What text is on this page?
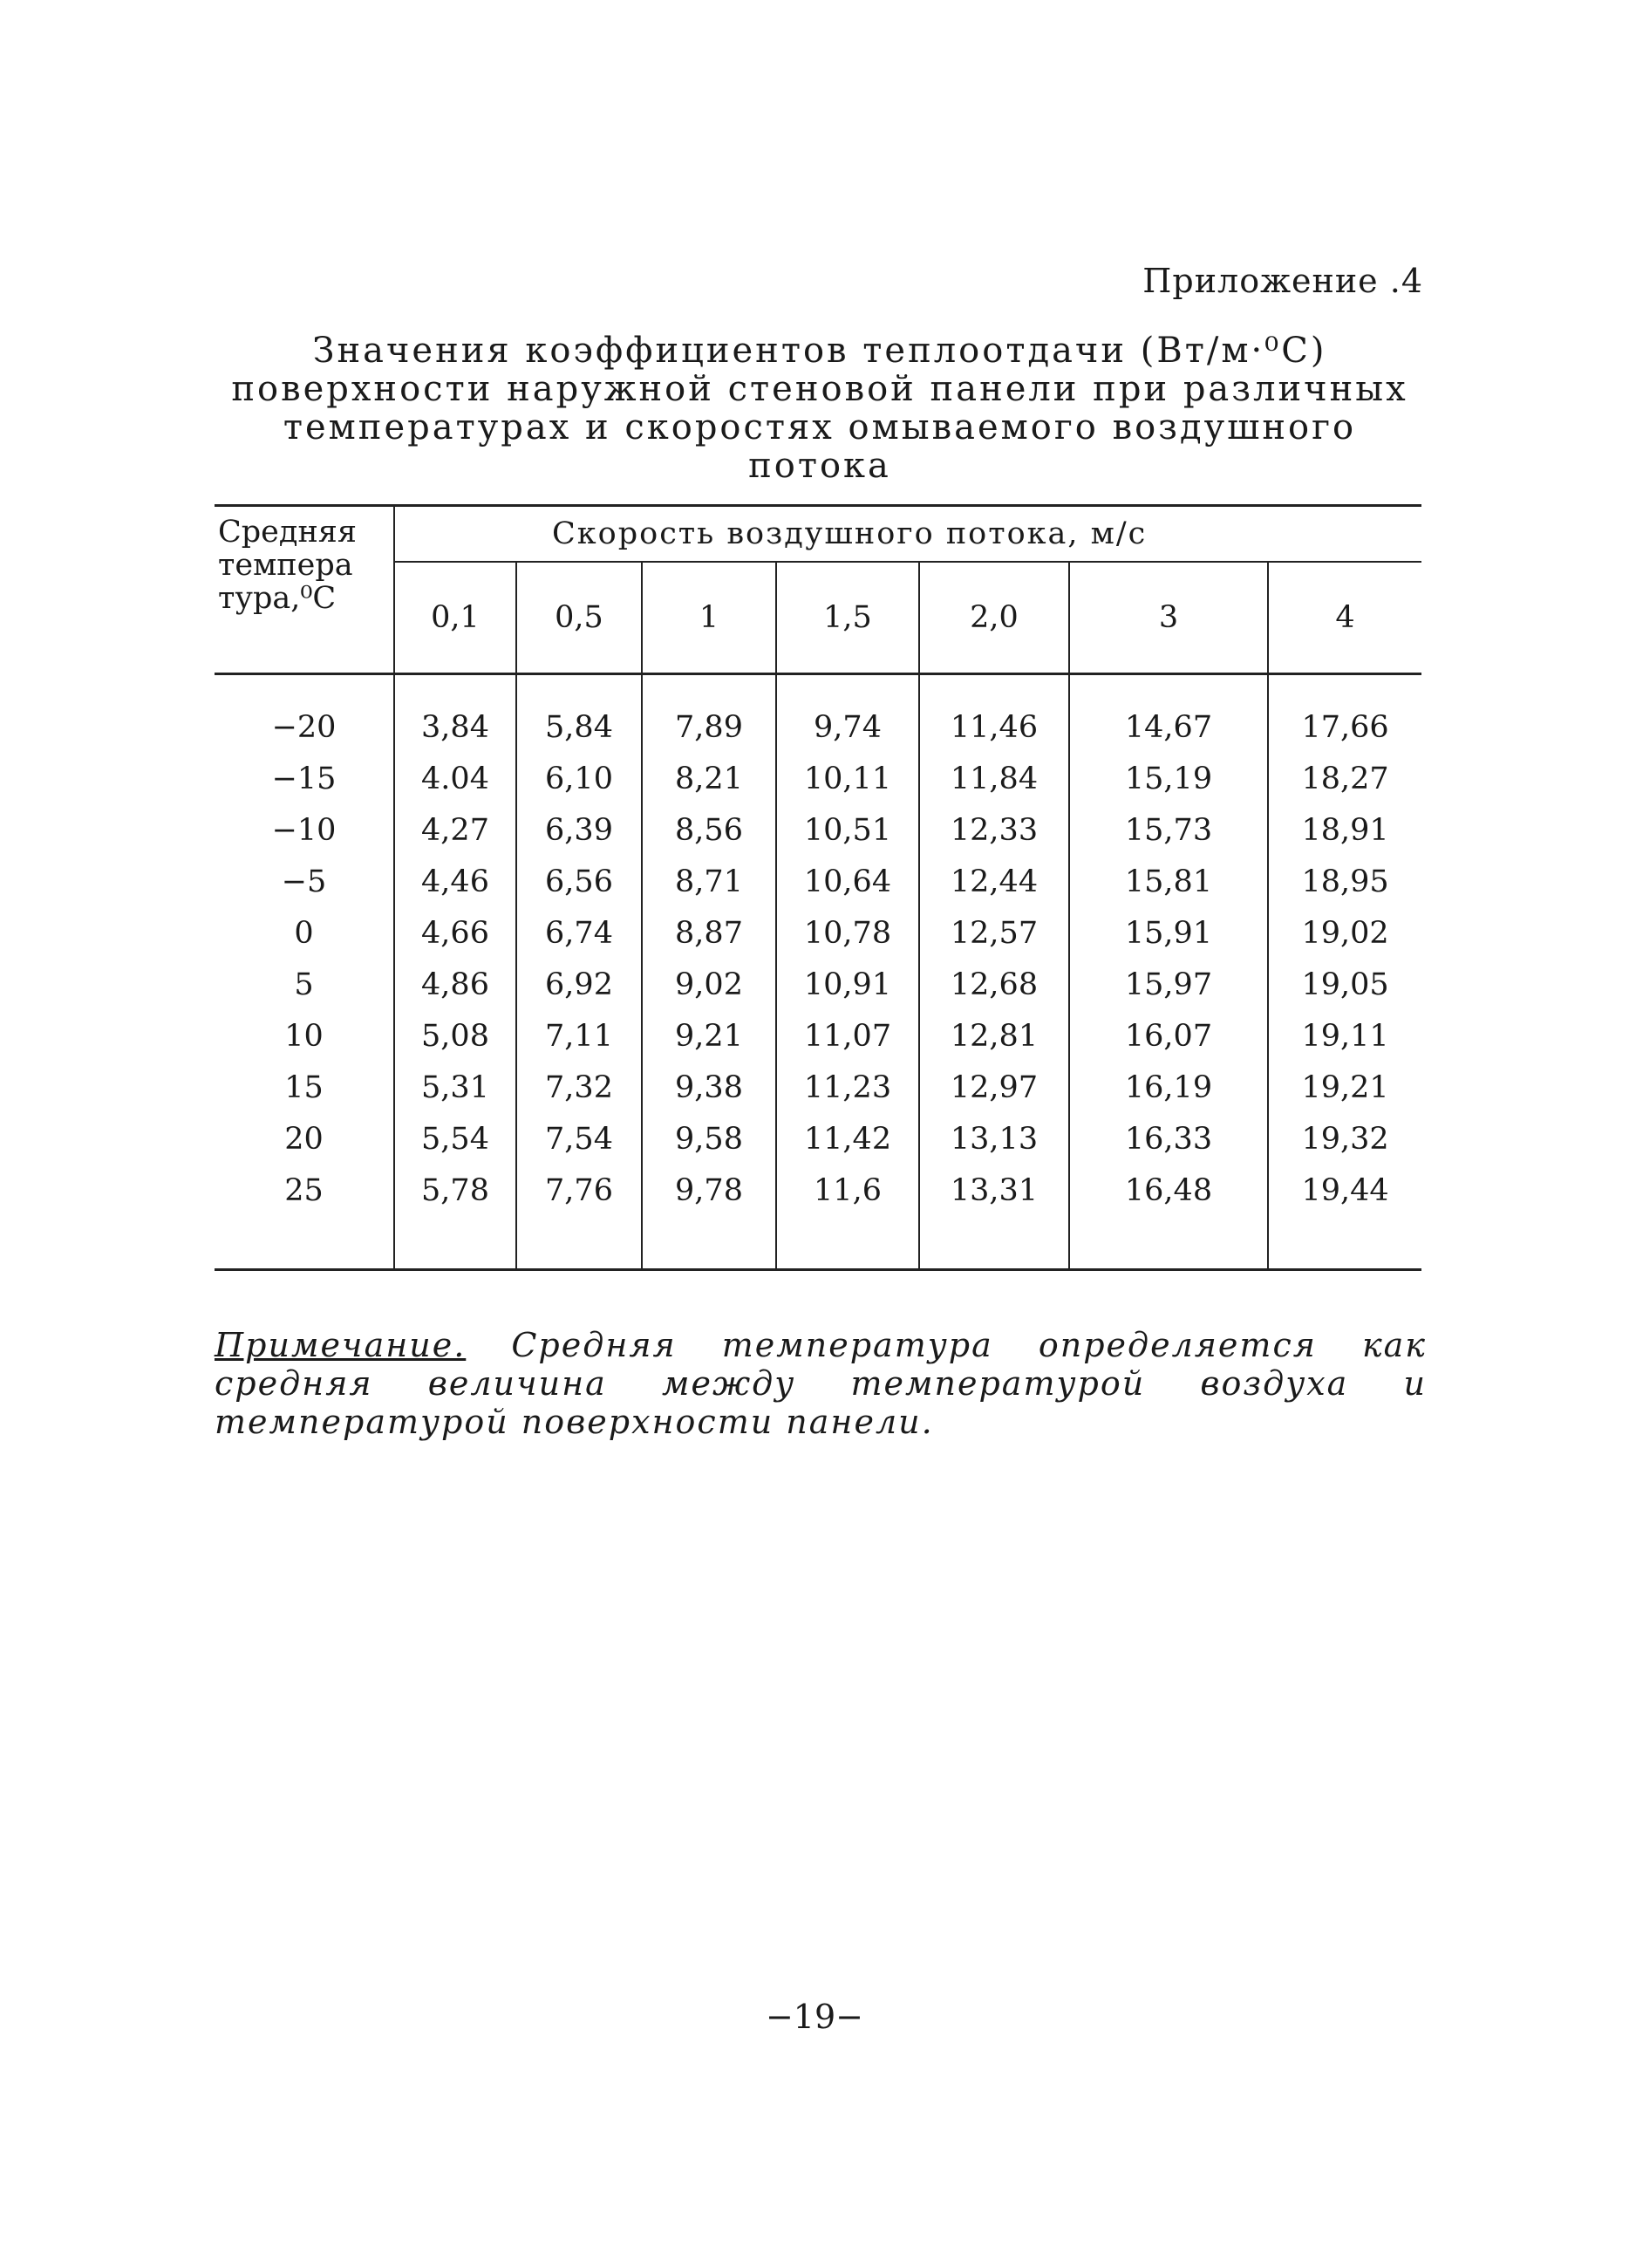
Приложение .4
Значения коэффициентов теплоотдачи (Вт/м·⁰С)
поверхности наружной стеновой панели при различных
температурах и скоростях омываемого воздушного
потока
Средняя
темпера
тура,⁰С	Скорость воздушного потока, м/с						
	0,1	0,5	1	1,5	2,0	3	4
−20	3,84	5,84	7,89	9,74	11,46	14,67	17,66
−15	4.04	6,10	8,21	10,11	11,84	15,19	18,27
−10	4,27	6,39	8,56	10,51	12,33	15,73	18,91
−5	4,46	6,56	8,71	10,64	12,44	15,81	18,95
0	4,66	6,74	8,87	10,78	12,57	15,91	19,02
5	4,86	6,92	9,02	10,91	12,68	15,97	19,05
10	5,08	7,11	9,21	11,07	12,81	16,07	19,11
15	5,31	7,32	9,38	11,23	12,97	16,19	19,21
20	5,54	7,54	9,58	11,42	13,13	16,33	19,32
25	5,78	7,76	9,78	11,6	13,31	16,48	19,44

Примечание. Средняя температура определяется как средняя величина между температурой воздуха и температурой поверхности панели.
−19−
